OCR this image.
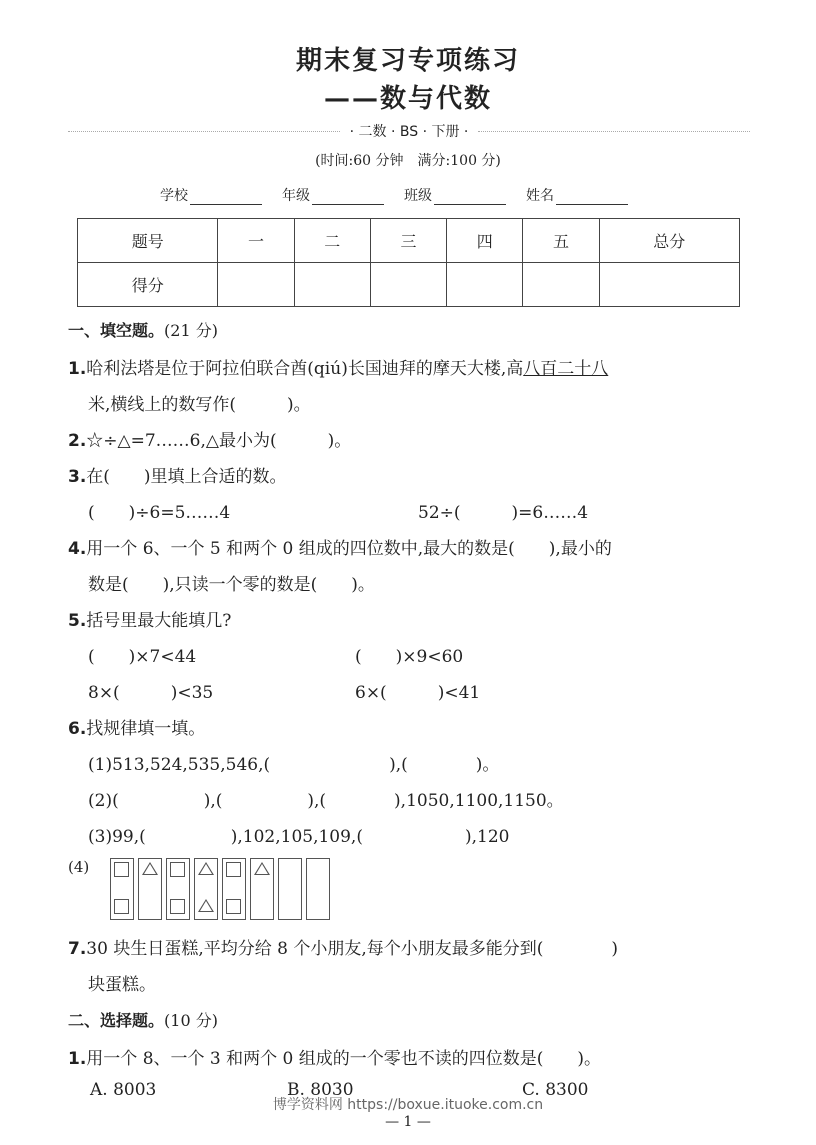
期末复习专项练习
——数与代数
· 二数 · BS · 下册 ·
(时间:60 分钟　满分:100 分)
学校	年级	班级	姓名
题号	一	二	三	四	五	总分
得分						
一、填空题。(21 分)
1.哈利法塔是位于阿拉伯联合酋(qiú)长国迪拜的摩天大楼,高八百二十八
米,横线上的数写作(　　　)。
2.☆÷△=7……6,△最小为(　　　)。
3.在(　　)里填上合适的数。
(　　)÷6=5……4	52÷(　　　)=6……4
4.用一个 6、一个 5 和两个 0 组成的四位数中,最大的数是(　　),最小的
数是(　　),只读一个零的数是(　　)。
5.括号里最大能填几?
(　　)×7<44	(　　)×9<60
8×(　　　)<35	6×(　　　)<41
6.找规律填一填。
(1)513,524,535,546,(　　　　　　　),(　　　　)。
(2)(　　　　　),(　　　　　),(　　　　),1050,1100,1150。
(3)99,(　　　　　),102,105,109,(　　　　　　),120
(4)
7.30 块生日蛋糕,平均分给 8 个小朋友,每个小朋友最多能分到(　　　　)
块蛋糕。
二、选择题。(10 分)
1.用一个 8、一个 3 和两个 0 组成的一个零也不读的四位数是(　　)。
A. 8003	B. 8030	C. 8300
博学资料网 https://boxue.ituoke.com.cn
— 1 —
